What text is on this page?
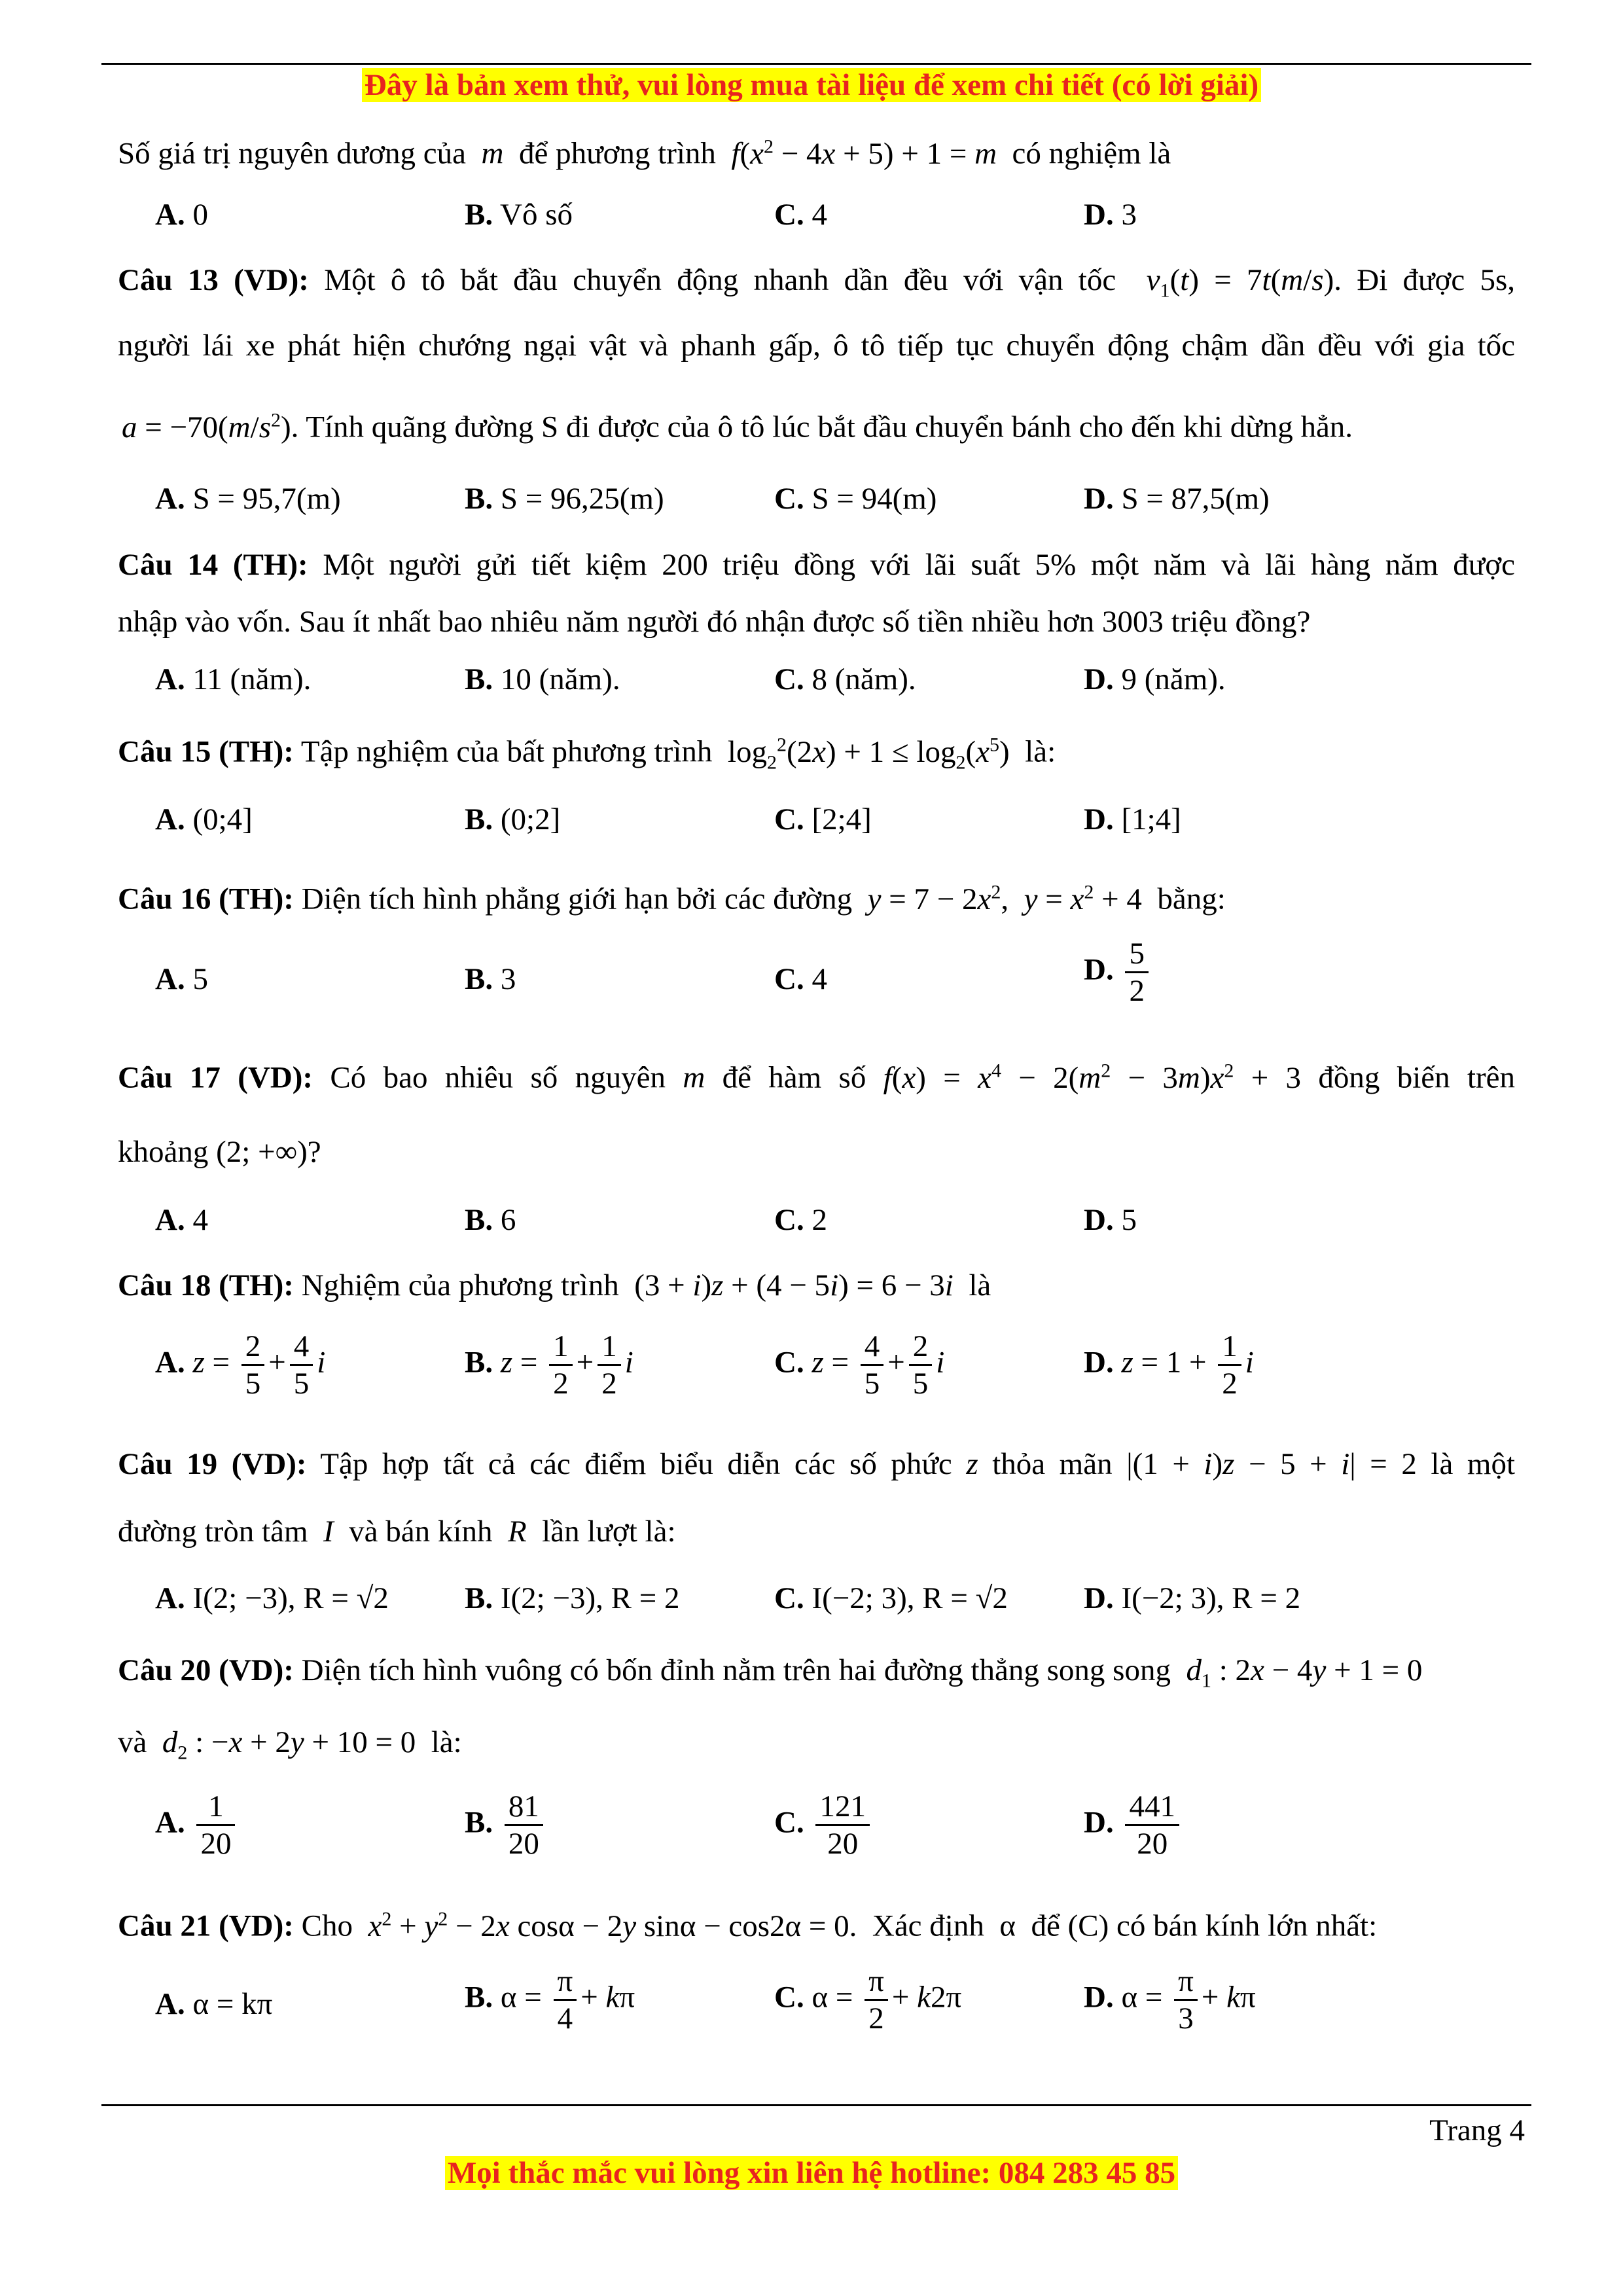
Đây là bản xem thử, vui lòng mua tài liệu để xem chi tiết (có lời giải)
Số giá trị nguyên dương của  m  để phương trình  $f(x^2 - 4x + 5) + 1 = m$ có nghiệm là
A. 0	B. Vô số	C. 4	D. 3
Câu 13 (VD): Một ô tô bắt đầu chuyển động nhanh dần đều với vận tốc $v_1(t) = 7t(m/s)$. Đi được 5s,
người lái xe phát hiện chướng ngại vật và phanh gấp, ô tô tiếp tục chuyển động chậm dần đều với gia tốc
$a = -70(m/s^2)$. Tính quãng đường S đi được của ô tô lúc bắt đầu chuyển bánh cho đến khi dừng hẳn.
A. S = 95,7(m)	B. S = 96,25(m)	C. S = 94(m)	D. S = 87,5(m)
Câu 14 (TH): Một người gửi tiết kiệm 200 triệu đồng với lãi suất 5% một năm và lãi hàng năm được
nhập vào vốn. Sau ít nhất bao nhiêu năm người đó nhận được số tiền nhiều hơn 3003 triệu đồng?
A. 11 (năm).	B. 10 (năm).	C. 8 (năm).	D. 9 (năm).
Câu 15 (TH): Tập nghiệm của bất phương trình  $\log_2^2(2x) + 1 \le \log_2(x^5)$  là:
A. (0;4]	B. (0;2]	C. [2;4]	D. [1;4]
Câu 16 (TH): Diện tích hình phẳng giới hạn bởi các đường $y = 7 - 2x^2$,  $y = x^2 + 4$  bằng:
A. 5	B. 3	C. 4	D. $\frac{5}{2}$
Câu 17 (VD): Có bao nhiêu số nguyên m để hàm số $f(x) = x^4 - 2(m^2 - 3m)x^2 + 3$ đồng biến trên
khoảng (2; +∞)?
A. 4	B. 6	C. 2	D. 5
Câu 18 (TH): Nghiệm của phương trình  (3 + i)z + (4 − 5i) = 6 − 3i là
A. $z = \frac{2}{5} + \frac{4}{5}$ i	B. $z = \frac{1}{2} + \frac{1}{2}$ i	C. $z = \frac{4}{5} + \frac{2}{5}$ i	D. $z = 1 + \frac{1}{2}$ i
Câu 19 (VD): Tập hợp tất cả các điểm biểu diễn các số phức z thỏa mãn |(1 + i)z − 5 + i| = 2 là một
đường tròn tâm  I  và bán kính  R  lần lượt là:
A. I(2; −3), R = √2 B. I(2; −3), R = 2	C. I(−2; 3), R = √2 D. I(−2; 3), R = 2
Câu 20 (VD): Diện tích hình vuông có bốn đỉnh nằm trên hai đường thẳng song song $d_1$ : 2x − 4y + 1 = 0
và $d_2$ : −x + 2y + 10 = 0  là:
A. $\frac{1}{20}$	B. $\frac{81}{20}$	C. $\frac{121}{20}$	D. $\frac{441}{20}$
Câu 21 (VD): Cho $x^2 + y^2 - 2x$ cosα − 2y sinα − cos2α = 0.  Xác định  α  để (C) có bán kính lớn nhất:
A. α = kπ	B. $\alpha = \frac{\pi}{4} + k\pi$	C. $\alpha = \frac{\pi}{2} + k2\pi$	D. $\alpha = \frac{\pi}{3} + k\pi$
Trang 4
Mọi thắc mắc vui lòng xin liên hệ hotline: 084 283 45 85
